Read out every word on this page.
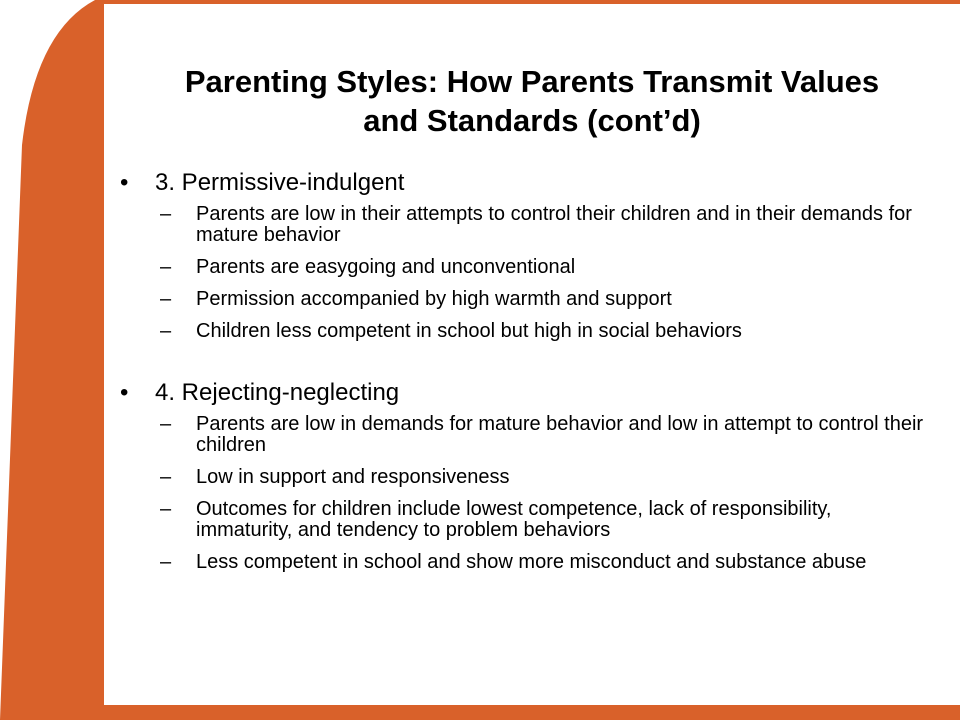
Parenting Styles: How Parents Transmit Values
and Standards (cont’d)
•	3. Permissive-indulgent
–	Parents are low in their attempts to control their children and in their demands for mature behavior
–	Parents are easygoing and unconventional
–	Permission accompanied by high warmth and support
–	Children less competent in school but high in social behaviors
•	4. Rejecting-neglecting
–	Parents are low in demands for mature behavior and low in attempt to control their children
–	Low in support and responsiveness
–	Outcomes for children include lowest competence, lack of responsibility, immaturity, and tendency to problem behaviors
–	Less competent in school and show more misconduct and substance abuse
